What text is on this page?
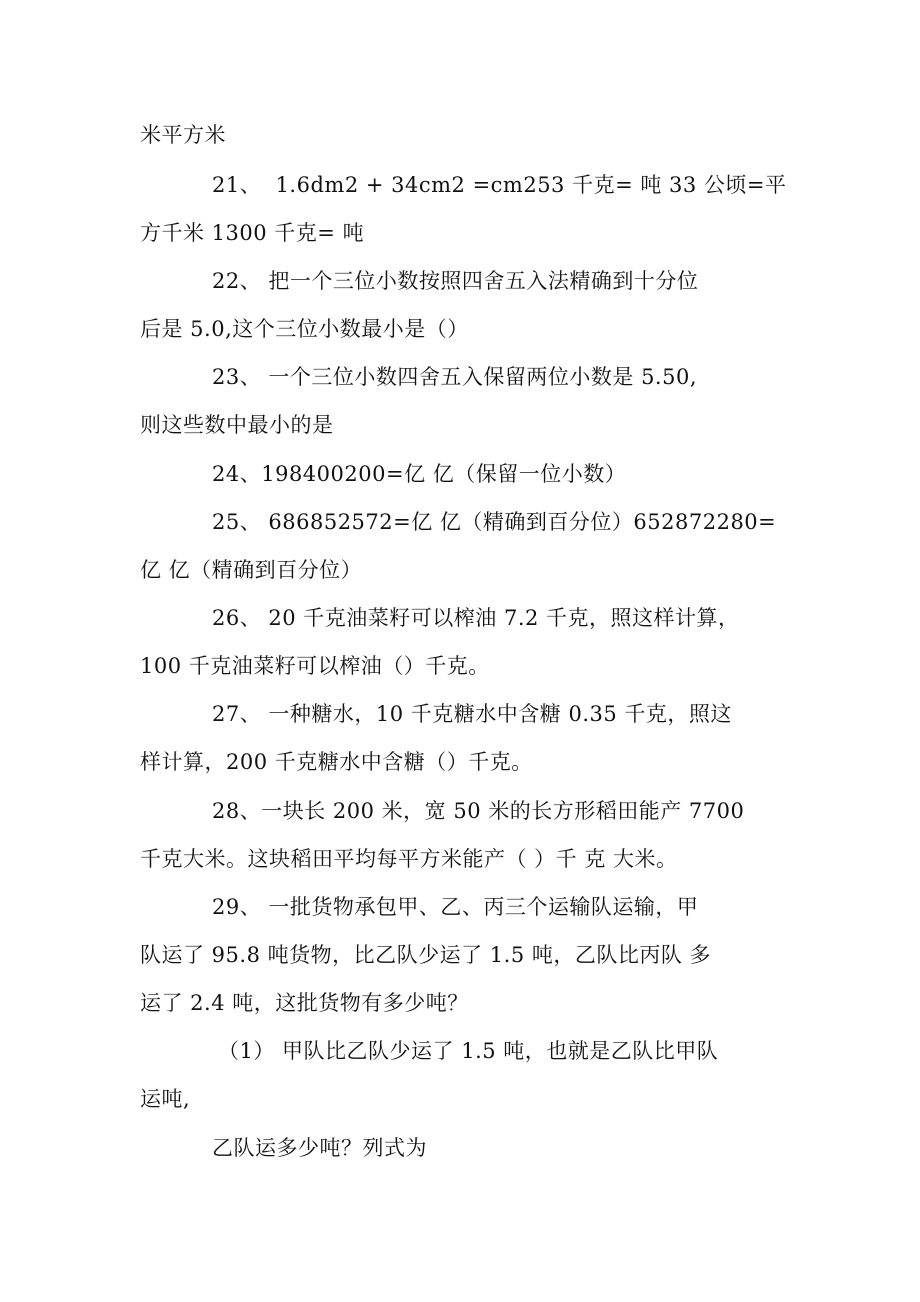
米平方米
21、  1.6dm2 + 34cm2 =cm253 千克= 吨 33 公顷=平
方千米 1300 千克= 吨
22、 把一个三位小数按照四舍五入法精确到十分位
后是 5.0,这个三位小数最小是（）
23、 一个三位小数四舍五入保留两位小数是 5.50,
则这些数中最小的是
24、198400200=亿 亿（保留一位小数）
25、 686852572=亿 亿（精确到百分位）652872280=
亿 亿（精确到百分位）
26、 20 千克油菜籽可以榨油 7.2 千克，照这样计算，
100 千克油菜籽可以榨油（）千克。
27、 一种糖水，10 千克糖水中含糖 0.35 千克，照这
样计算，200 千克糖水中含糖（）千克。
28、一块长 200 米，宽 50 米的长方形稻田能产 7700
千克大米。这块稻田平均每平方米能产（ ）千 克 大米。
29、 一批货物承包甲、乙、丙三个运输队运输，甲
队运了 95.8 吨货物，比乙队少运了 1.5 吨，乙队比丙队 多
运了 2.4 吨，这批货物有多少吨？
（1） 甲队比乙队少运了 1.5 吨，也就是乙队比甲队
运吨,
乙队运多少吨？列式为
